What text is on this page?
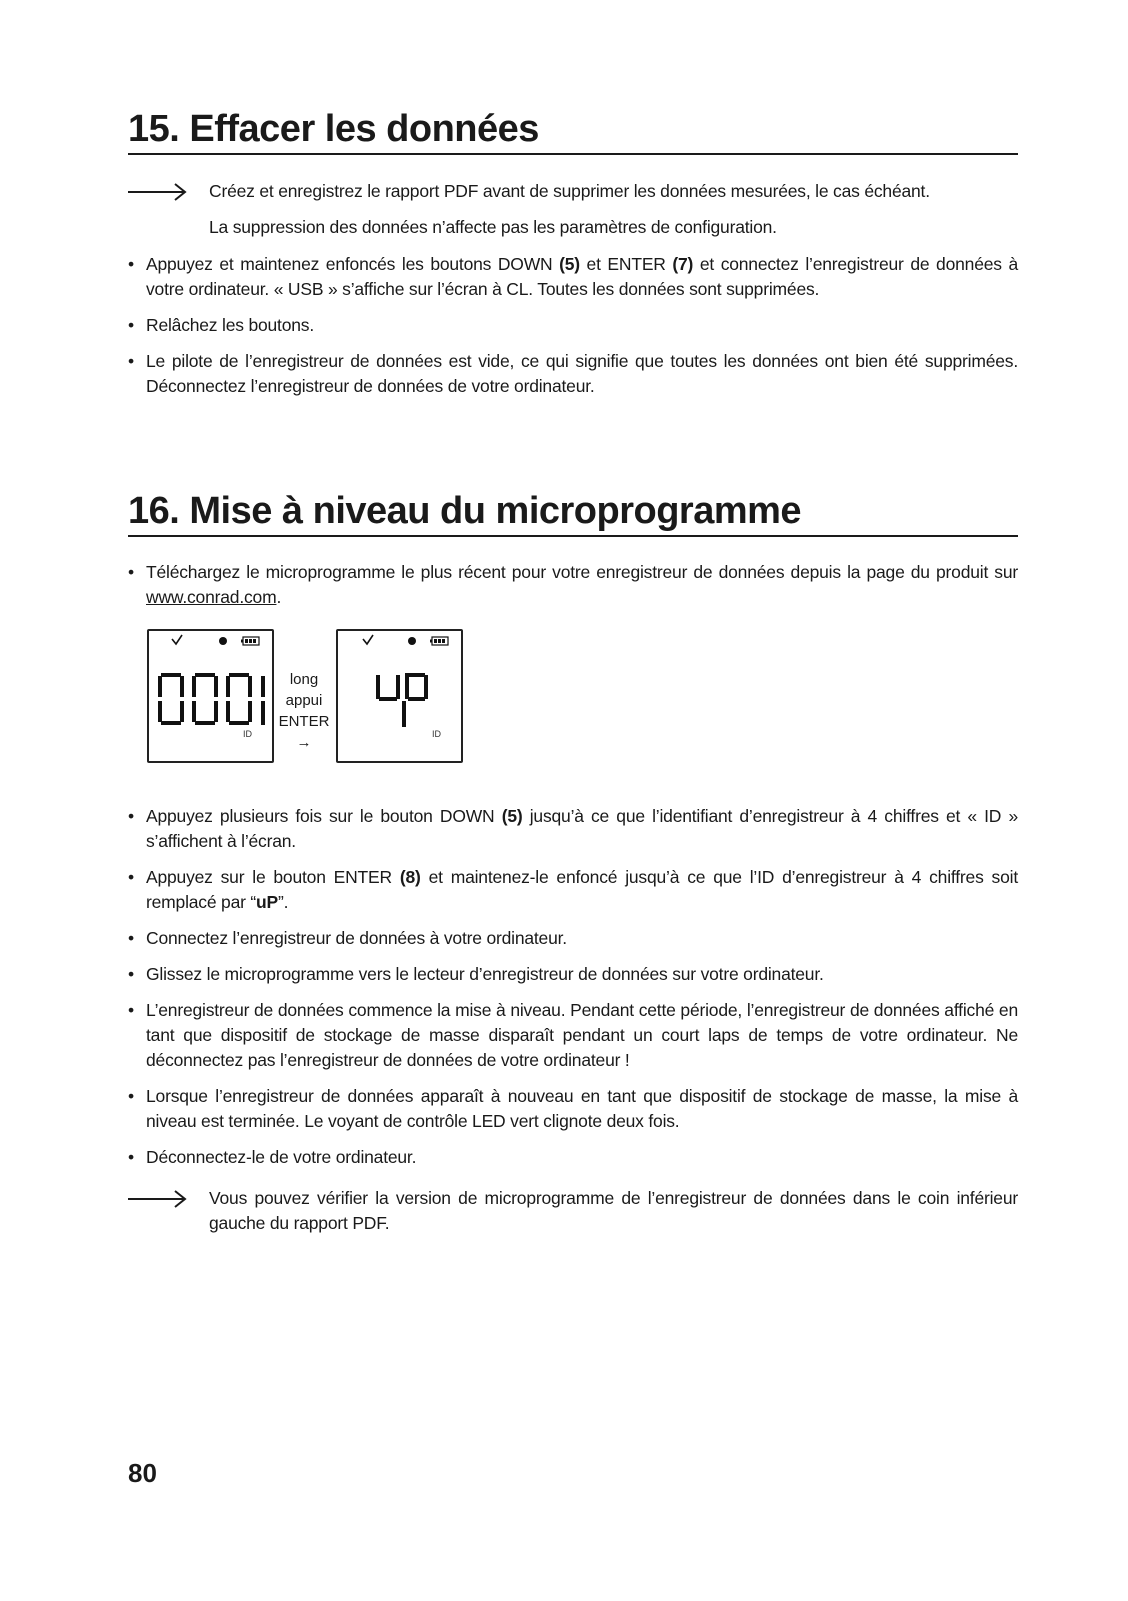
15. Effacer les données

Créez et enregistrez le rapport PDF avant de supprimer les données mesurées, le cas échéant.

La suppression des données n’affecte pas les paramètres de configuration.

• Appuyez et maintenez enfoncés les boutons DOWN (5) et ENTER (7) et connectez l’enregistreur de données à votre ordinateur. « USB » s’affiche sur l’écran à CL. Toutes les données sont supprimées.
• Relâchez les boutons.
• Le pilote de l’enregistreur de données est vide, ce qui signifie que toutes les données ont bien été supprimées. Déconnectez l’enregistreur de données de votre ordinateur.
16. Mise à niveau du microprogramme
• Téléchargez le microprogramme le plus récent pour votre enregistreur de données depuis la page du produit sur www.conrad.com.
ID
long
appui
ENTER
→	ID
• Appuyez plusieurs fois sur le bouton DOWN (5) jusqu’à ce que l’identifiant d’enregistreur à 4 chiffres et « ID » s’affichent à l’écran.
• Appuyez sur le bouton ENTER (8) et maintenez-le enfoncé jusqu’à ce que l’ID d’enregistreur à 4 chiffres soit remplacé par “uP”.
• Connectez l’enregistreur de données à votre ordinateur.
• Glissez le microprogramme vers le lecteur d’enregistreur de données sur votre ordinateur.
• L’enregistreur de données commence la mise à niveau. Pendant cette période, l’enregistreur de données affiché en tant que dispositif de stockage de masse disparaît pendant un court laps de temps de votre ordinateur. Ne déconnectez pas l’enregistreur de données de votre ordinateur !
• Lorsque l’enregistreur de données apparaît à nouveau en tant que dispositif de stockage de masse, la mise à niveau est terminée. Le voyant de contrôle LED vert clignote deux fois.
• Déconnectez-le de votre ordinateur.

Vous pouvez vérifier la version de microprogramme de l’enregistreur de données dans le coin inférieur gauche du rapport PDF.

80
